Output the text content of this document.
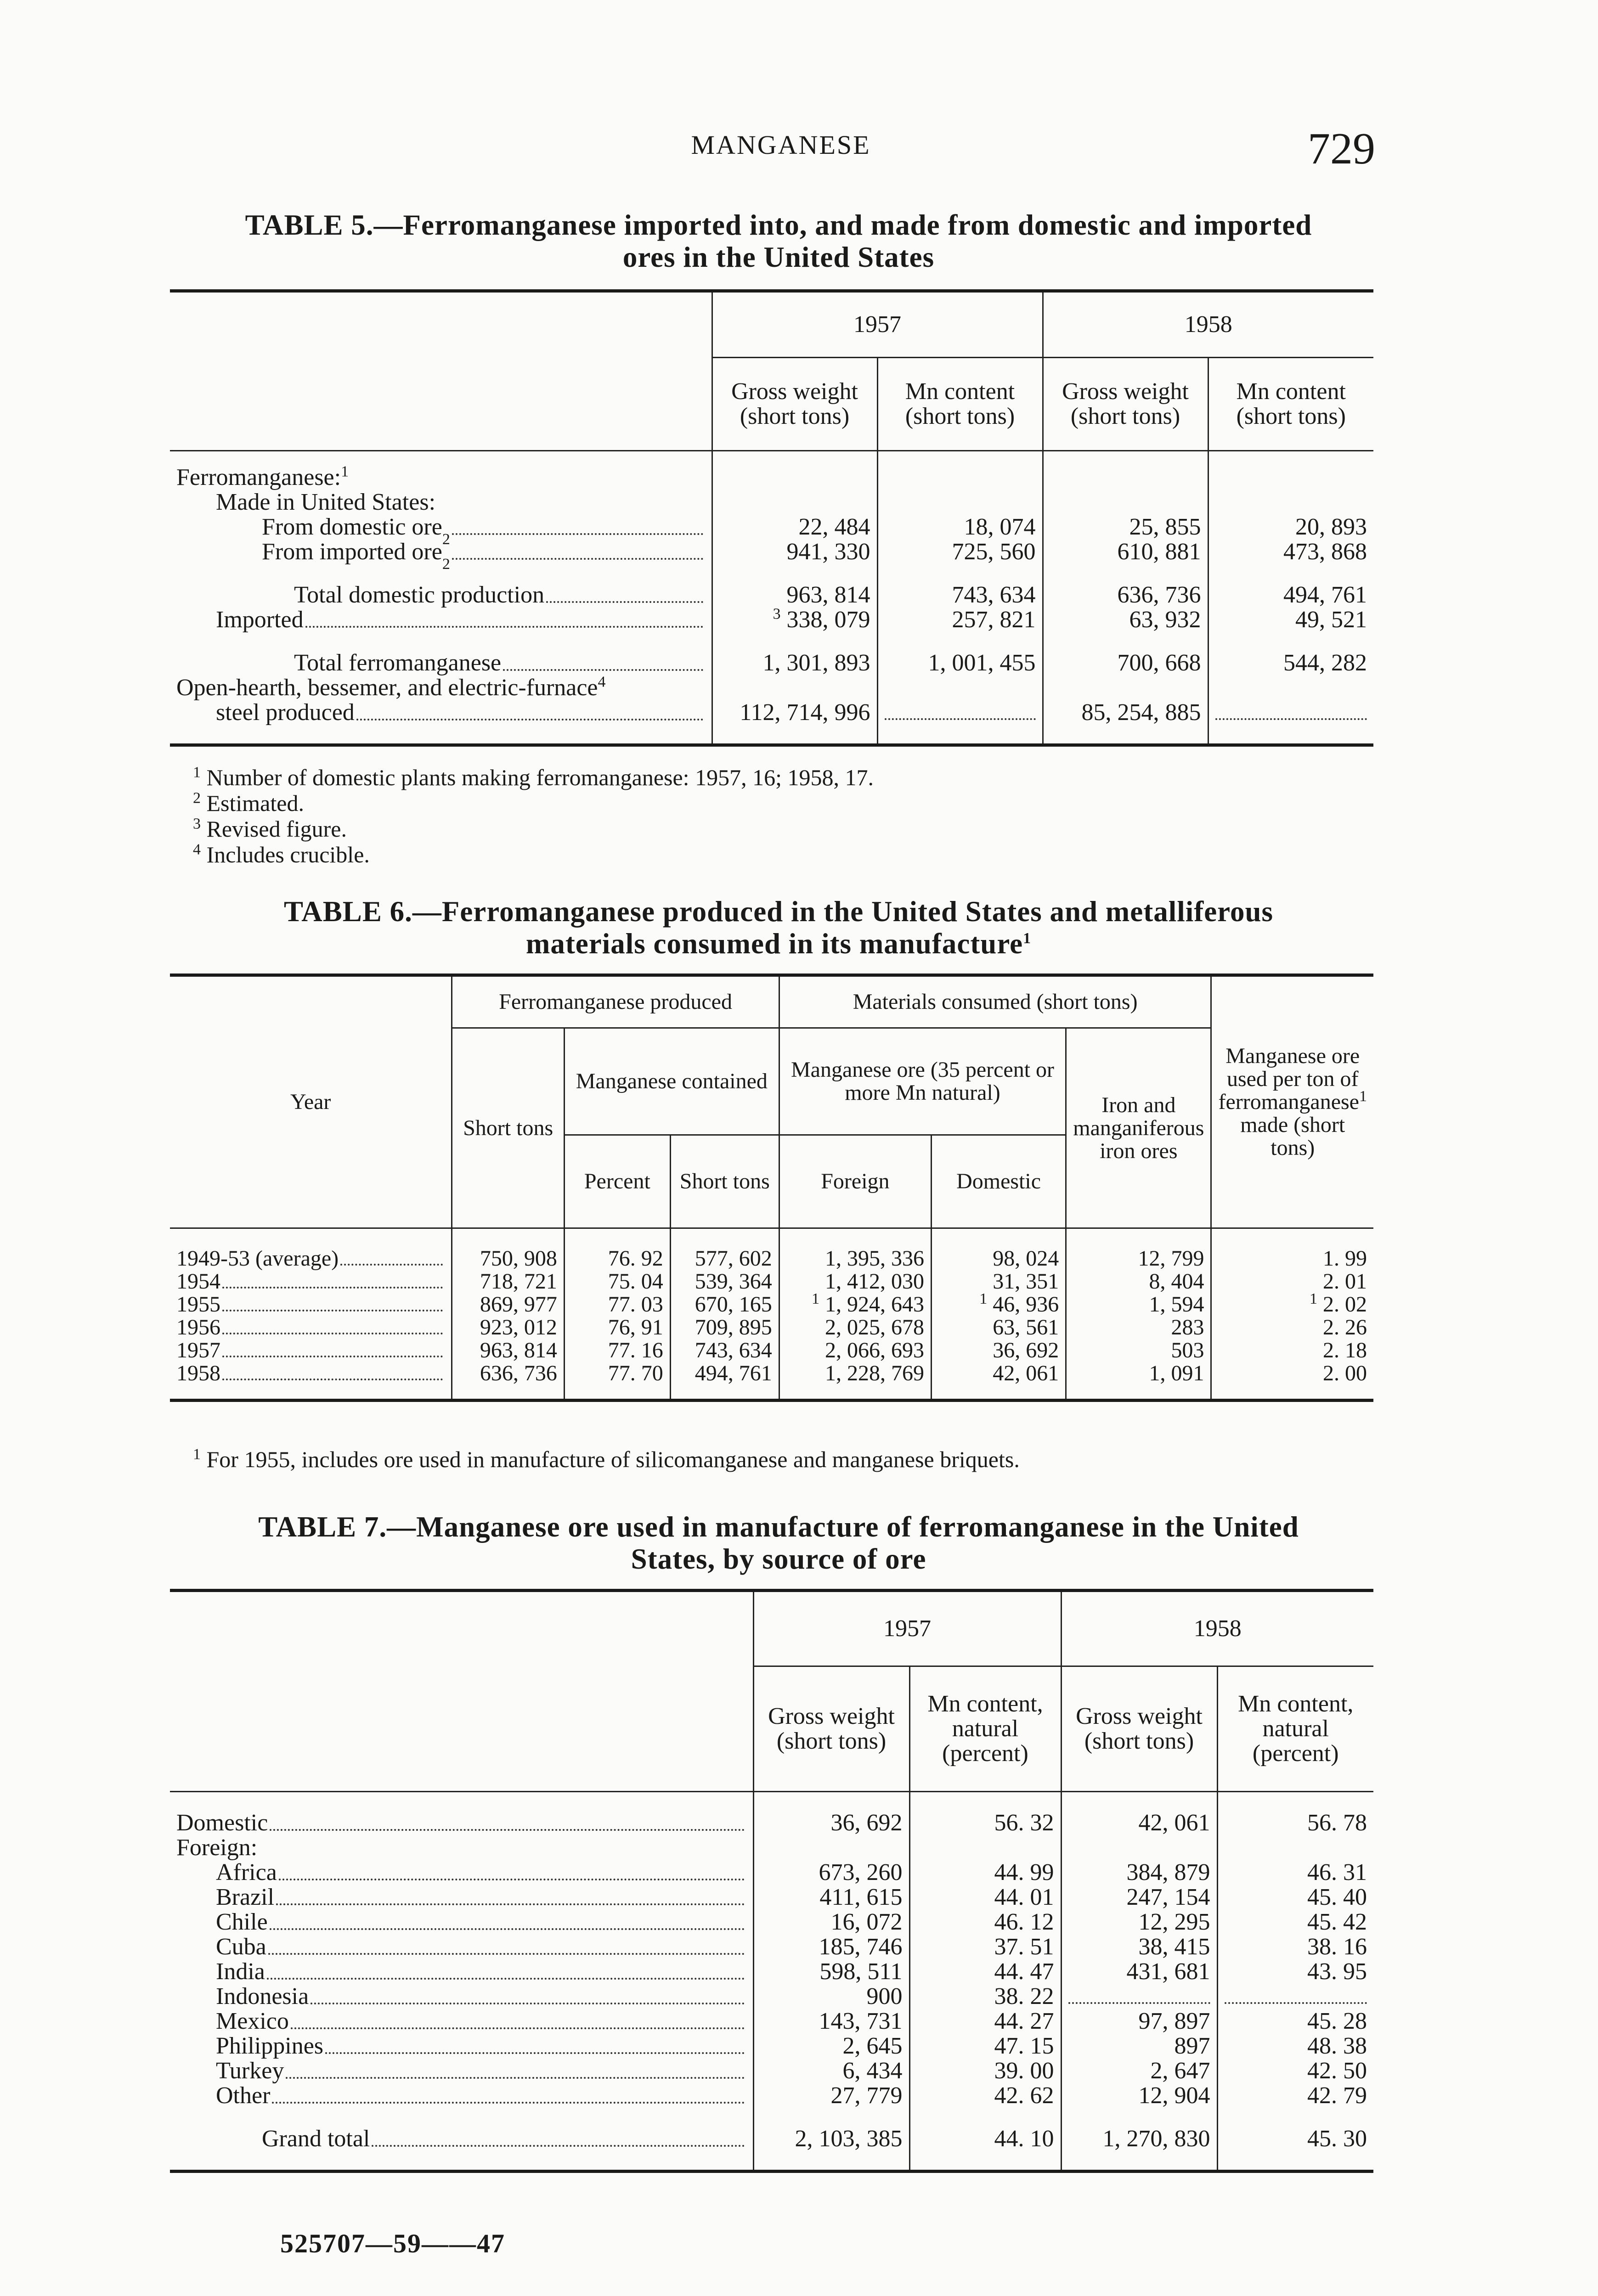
MANGANESE	729
TABLE 5.—Ferromanganese imported into, and made from domestic and imported
ores in the United States
	1957		1958	
	Gross weight (short tons)	Mn content (short tons)	Gross weight (short tons)	Mn content (short tons)
Ferromanganese:$^1$				
Made in United States:				

From domestic ore 2	22, 484	18, 074	25, 855	20, 893

From imported ore 2	941, 330	725, 560	610, 881	473, 868

Total domestic production	963, 814	743, 634	636, 736	494, 761

Imported	$^3$ 338, 079	257, 821	63, 932	49, 521

Total ferromanganese	1, 301, 893	1, 001, 455	700, 668	544, 282
Open-hearth, bessemer, and electric-furnace$^4$				

steel produced	112, 714, 996		85, 254, 885	
$^1$ Number of domestic plants making ferromanganese: 1957, 16; 1958, 17.
$^2$ Estimated.
$^3$ Revised figure.
$^4$ Includes crucible.
TABLE 6.—Ferromanganese produced in the United States and metalliferous
materials consumed in its manufacture$^1$
Year	Ferromanganese produced			Materials consumed (short tons)			Manganese ore used per ton of ferromanganese$^1$ made (short tons)
	Short tons	Manganese contained		Manganese ore (35 percent or more Mn natural)		Iron and manganiferous iron ores	
		Percent	Short tons	Foreign	Domestic		

1949-53 (average)	750, 908	76. 92	577, 602	1, 395, 336	98, 024	12, 799	1. 99

1954	718, 721	75. 04	539, 364	1, 412, 030	31, 351	8, 404	2. 01

1955	869, 977	77. 03	670, 165	$^1$ 1, 924, 643	$^1$ 46, 936	1, 594	$^1$ 2. 02

1956	923, 012	76, 91	709, 895	2, 025, 678	63, 561	283	2. 26

1957	963, 814	77. 16	743, 634	2, 066, 693	36, 692	503	2. 18

1958	636, 736	77. 70	494, 761	1, 228, 769	42, 061	1, 091	2. 00
$^1$ For 1955, includes ore used in manufacture of silicomanganese and manganese briquets.
TABLE 7.—Manganese ore used in manufacture of ferromanganese in the United
States, by source of ore
	1957		1958	
	Gross weight (short tons)	Mn content, natural (percent)	Gross weight (short tons)	Mn content, natural (percent)

Domestic	36, 692	56. 32	42, 061	56. 78
Foreign:				

Africa	673, 260	44. 99	384, 879	46. 31

Brazil	411, 615	44. 01	247, 154	45. 40

Chile	16, 072	46. 12	12, 295	45. 42

Cuba	185, 746	37. 51	38, 415	38. 16

India	598, 511	44. 47	431, 681	43. 95

Indonesia	900	38. 22		

Mexico	143, 731	44. 27	97, 897	45. 28

Philippines	2, 645	47. 15	897	48. 38

Turkey	6, 434	39. 00	2, 647	42. 50

Other	27, 779	42. 62	12, 904	42. 79

Grand total	2, 103, 385	44. 10	1, 270, 830	45. 30
525707—59——47
